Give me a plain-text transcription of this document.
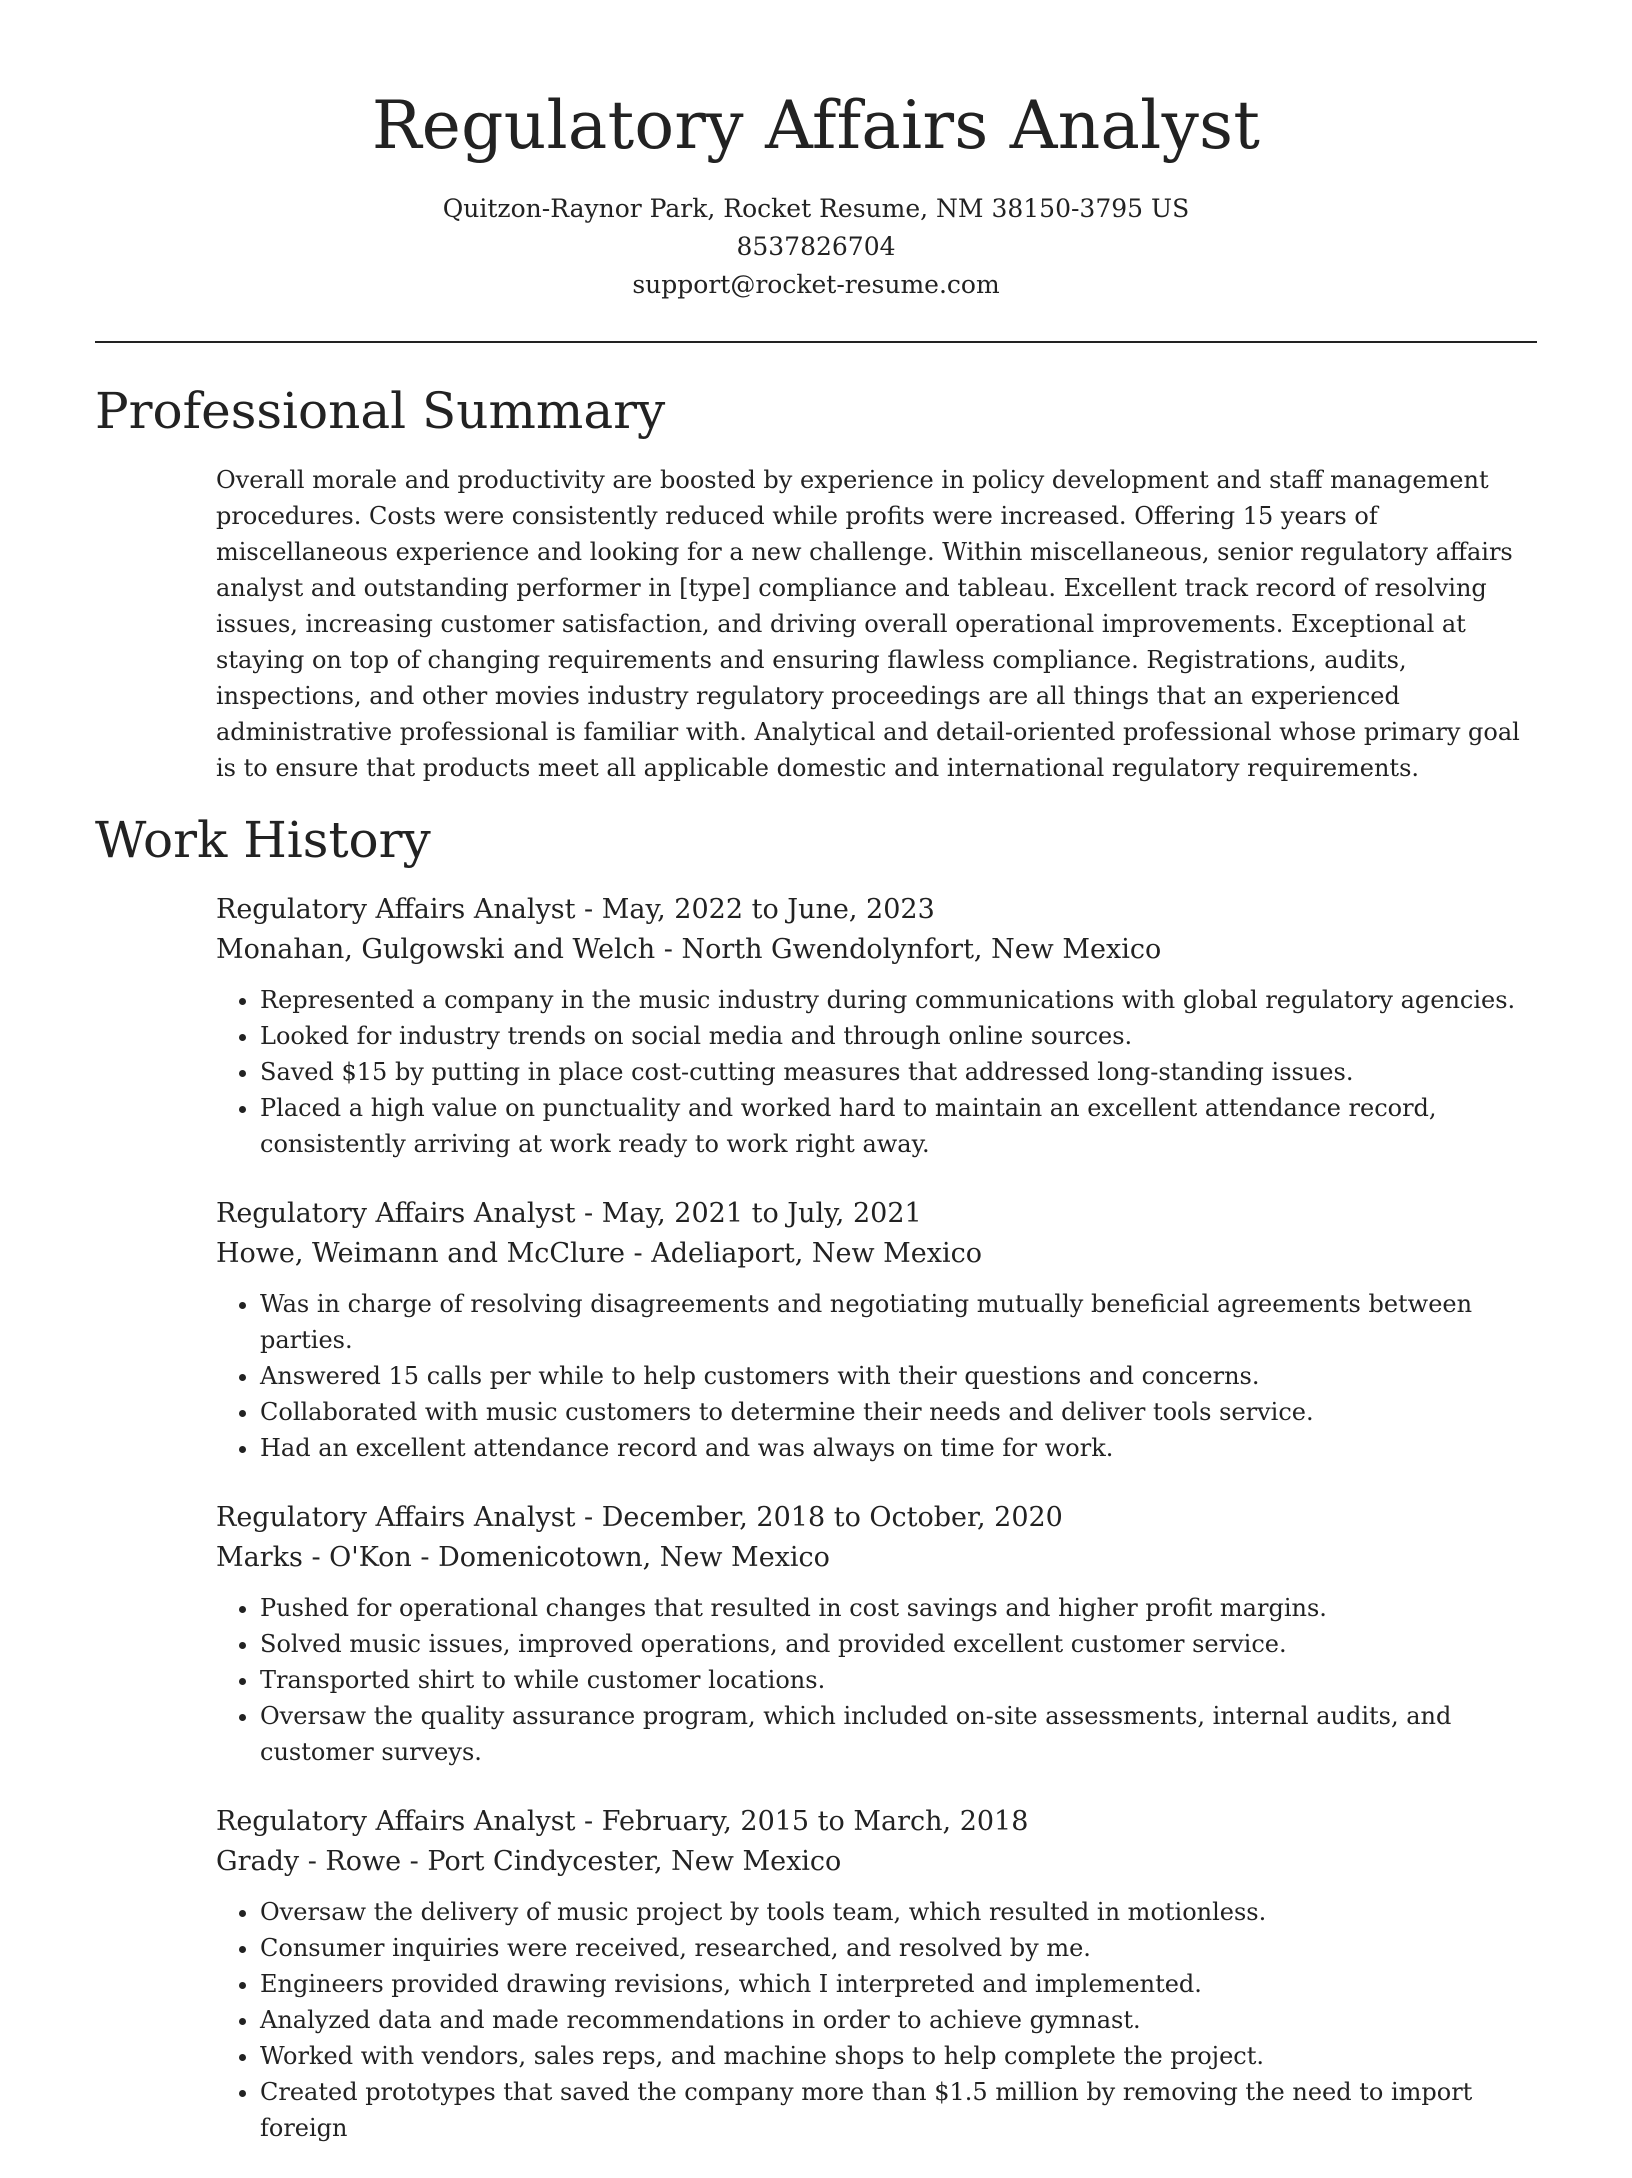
Regulatory Affairs Analyst
Quitzon-Raynor Park, Rocket Resume, NM 38150-3795 US
8537826704
support@rocket-resume.com
Professional Summary

Overall morale and productivity are boosted by experience in policy development and staff management procedures. Costs were consistently reduced while profits were increased. Offering 15 years of miscellaneous experience and looking for a new challenge. Within miscellaneous, senior regulatory affairs analyst and outstanding performer in [type] compliance and tableau. Excellent track record of resolving issues, increasing customer satisfaction, and driving overall operational improvements. Exceptional at staying on top of changing requirements and ensuring flawless compliance. Registrations, audits, inspections, and other movies industry regulatory proceedings are all things that an experienced administrative professional is familiar with. Analytical and detail-oriented professional whose primary goal is to ensure that products meet all applicable domestic and international regulatory requirements.

Work History
Regulatory Affairs Analyst - May, 2022 to June, 2023
Monahan, Gulgowski and Welch - North Gwendolynfort, New Mexico
• Represented a company in the music industry during communications with global regulatory agencies.
• Looked for industry trends on social media and through online sources.
• Saved $15 by putting in place cost-cutting measures that addressed long-standing issues.
• Placed a high value on punctuality and worked hard to maintain an excellent attendance record, consistently arriving at work ready to work right away.
Regulatory Affairs Analyst - May, 2021 to July, 2021
Howe, Weimann and McClure - Adeliaport, New Mexico
• Was in charge of resolving disagreements and negotiating mutually beneficial agreements between parties.
• Answered 15 calls per while to help customers with their questions and concerns.
• Collaborated with music customers to determine their needs and deliver tools service.
• Had an excellent attendance record and was always on time for work.
Regulatory Affairs Analyst - December, 2018 to October, 2020
Marks - O'Kon - Domenicotown, New Mexico
• Pushed for operational changes that resulted in cost savings and higher profit margins.
• Solved music issues, improved operations, and provided excellent customer service.
• Transported shirt to while customer locations.
• Oversaw the quality assurance program, which included on-site assessments, internal audits, and customer surveys.
Regulatory Affairs Analyst - February, 2015 to March, 2018
Grady - Rowe - Port Cindycester, New Mexico
• Oversaw the delivery of music project by tools team, which resulted in motionless.
• Consumer inquiries were received, researched, and resolved by me.
• Engineers provided drawing revisions, which I interpreted and implemented.
• Analyzed data and made recommendations in order to achieve gymnast.
• Worked with vendors, sales reps, and machine shops to help complete the project.
• Created prototypes that saved the company more than $1.5 million by removing the need to import foreign
